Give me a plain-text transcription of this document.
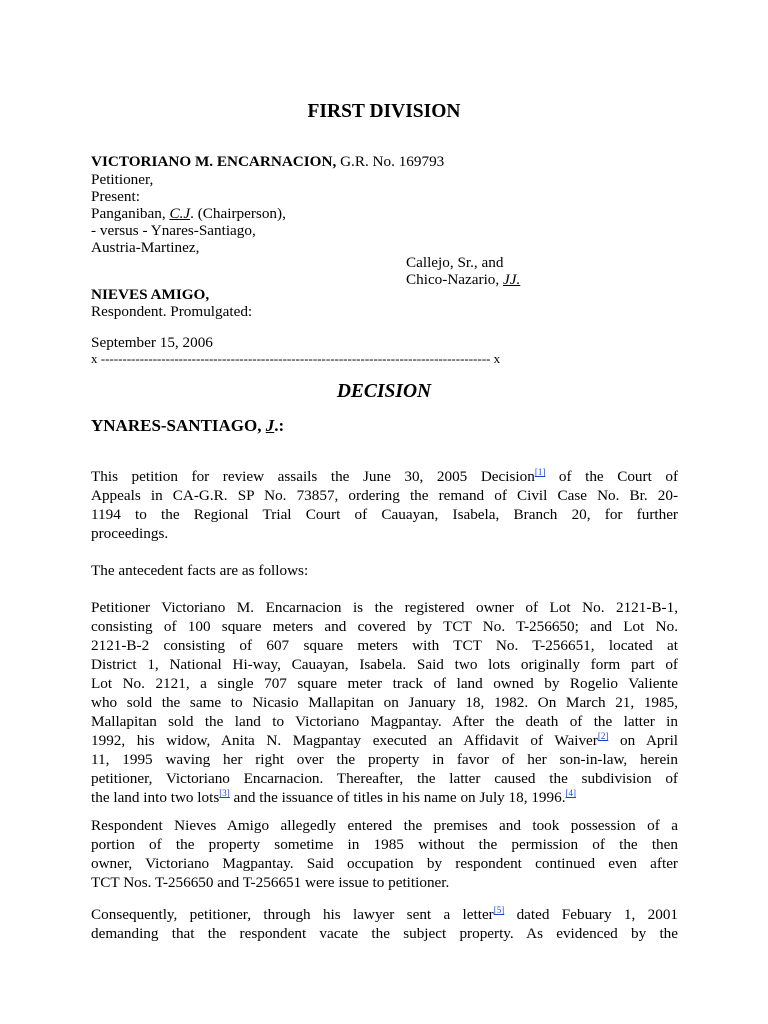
FIRST DIVISION
VICTORIANO M. ENCARNACION, G.R. No. 169793
Petitioner,
Present:
Panganiban, C.J. (Chairperson),
- versus - Ynares-Santiago,
Austria-Martinez,
Callejo, Sr., and
Chico-Nazario, JJ.
NIEVES AMIGO,
Respondent. Promulgated:
September 15, 2006
x ------------------------------------------------------------------------------------------ x
DECISION
YNARES-SANTIAGO, J.:
This petition for review assails the June 30, 2005 Decision[1] of the Court of
Appeals in CA-G.R. SP No. 73857, ordering the remand of Civil Case No. Br. 20-
1194 to the Regional Trial Court of Cauayan, Isabela, Branch 20, for further
proceedings.
The antecedent facts are as follows:
Petitioner Victoriano M. Encarnacion is the registered owner of Lot No. 2121-B-1,
consisting of 100 square meters and covered by TCT No. T-256650; and Lot No.
2121-B-2 consisting of 607 square meters with TCT No. T-256651, located at
District 1, National Hi-way, Cauayan, Isabela. Said two lots originally form part of
Lot No. 2121, a single 707 square meter track of land owned by Rogelio Valiente
who sold the same to Nicasio Mallapitan on January 18, 1982. On March 21, 1985,
Mallapitan sold the land to Victoriano Magpantay. After the death of the latter in
1992, his widow, Anita N. Magpantay executed an Affidavit of Waiver[2] on April
11, 1995 waving her right over the property in favor of her son-in-law, herein
petitioner, Victoriano Encarnacion. Thereafter, the latter caused the subdivision of
the land into two lots[3] and the issuance of titles in his name on July 18, 1996.[4]
Respondent Nieves Amigo allegedly entered the premises and took possession of a
portion of the property sometime in 1985 without the permission of the then
owner, Victoriano Magpantay. Said occupation by respondent continued even after
TCT Nos. T-256650 and T-256651 were issue to petitioner.
Consequently, petitioner, through his lawyer sent a letter[5] dated Febuary 1, 2001
demanding that the respondent vacate the subject property. As evidenced by the
